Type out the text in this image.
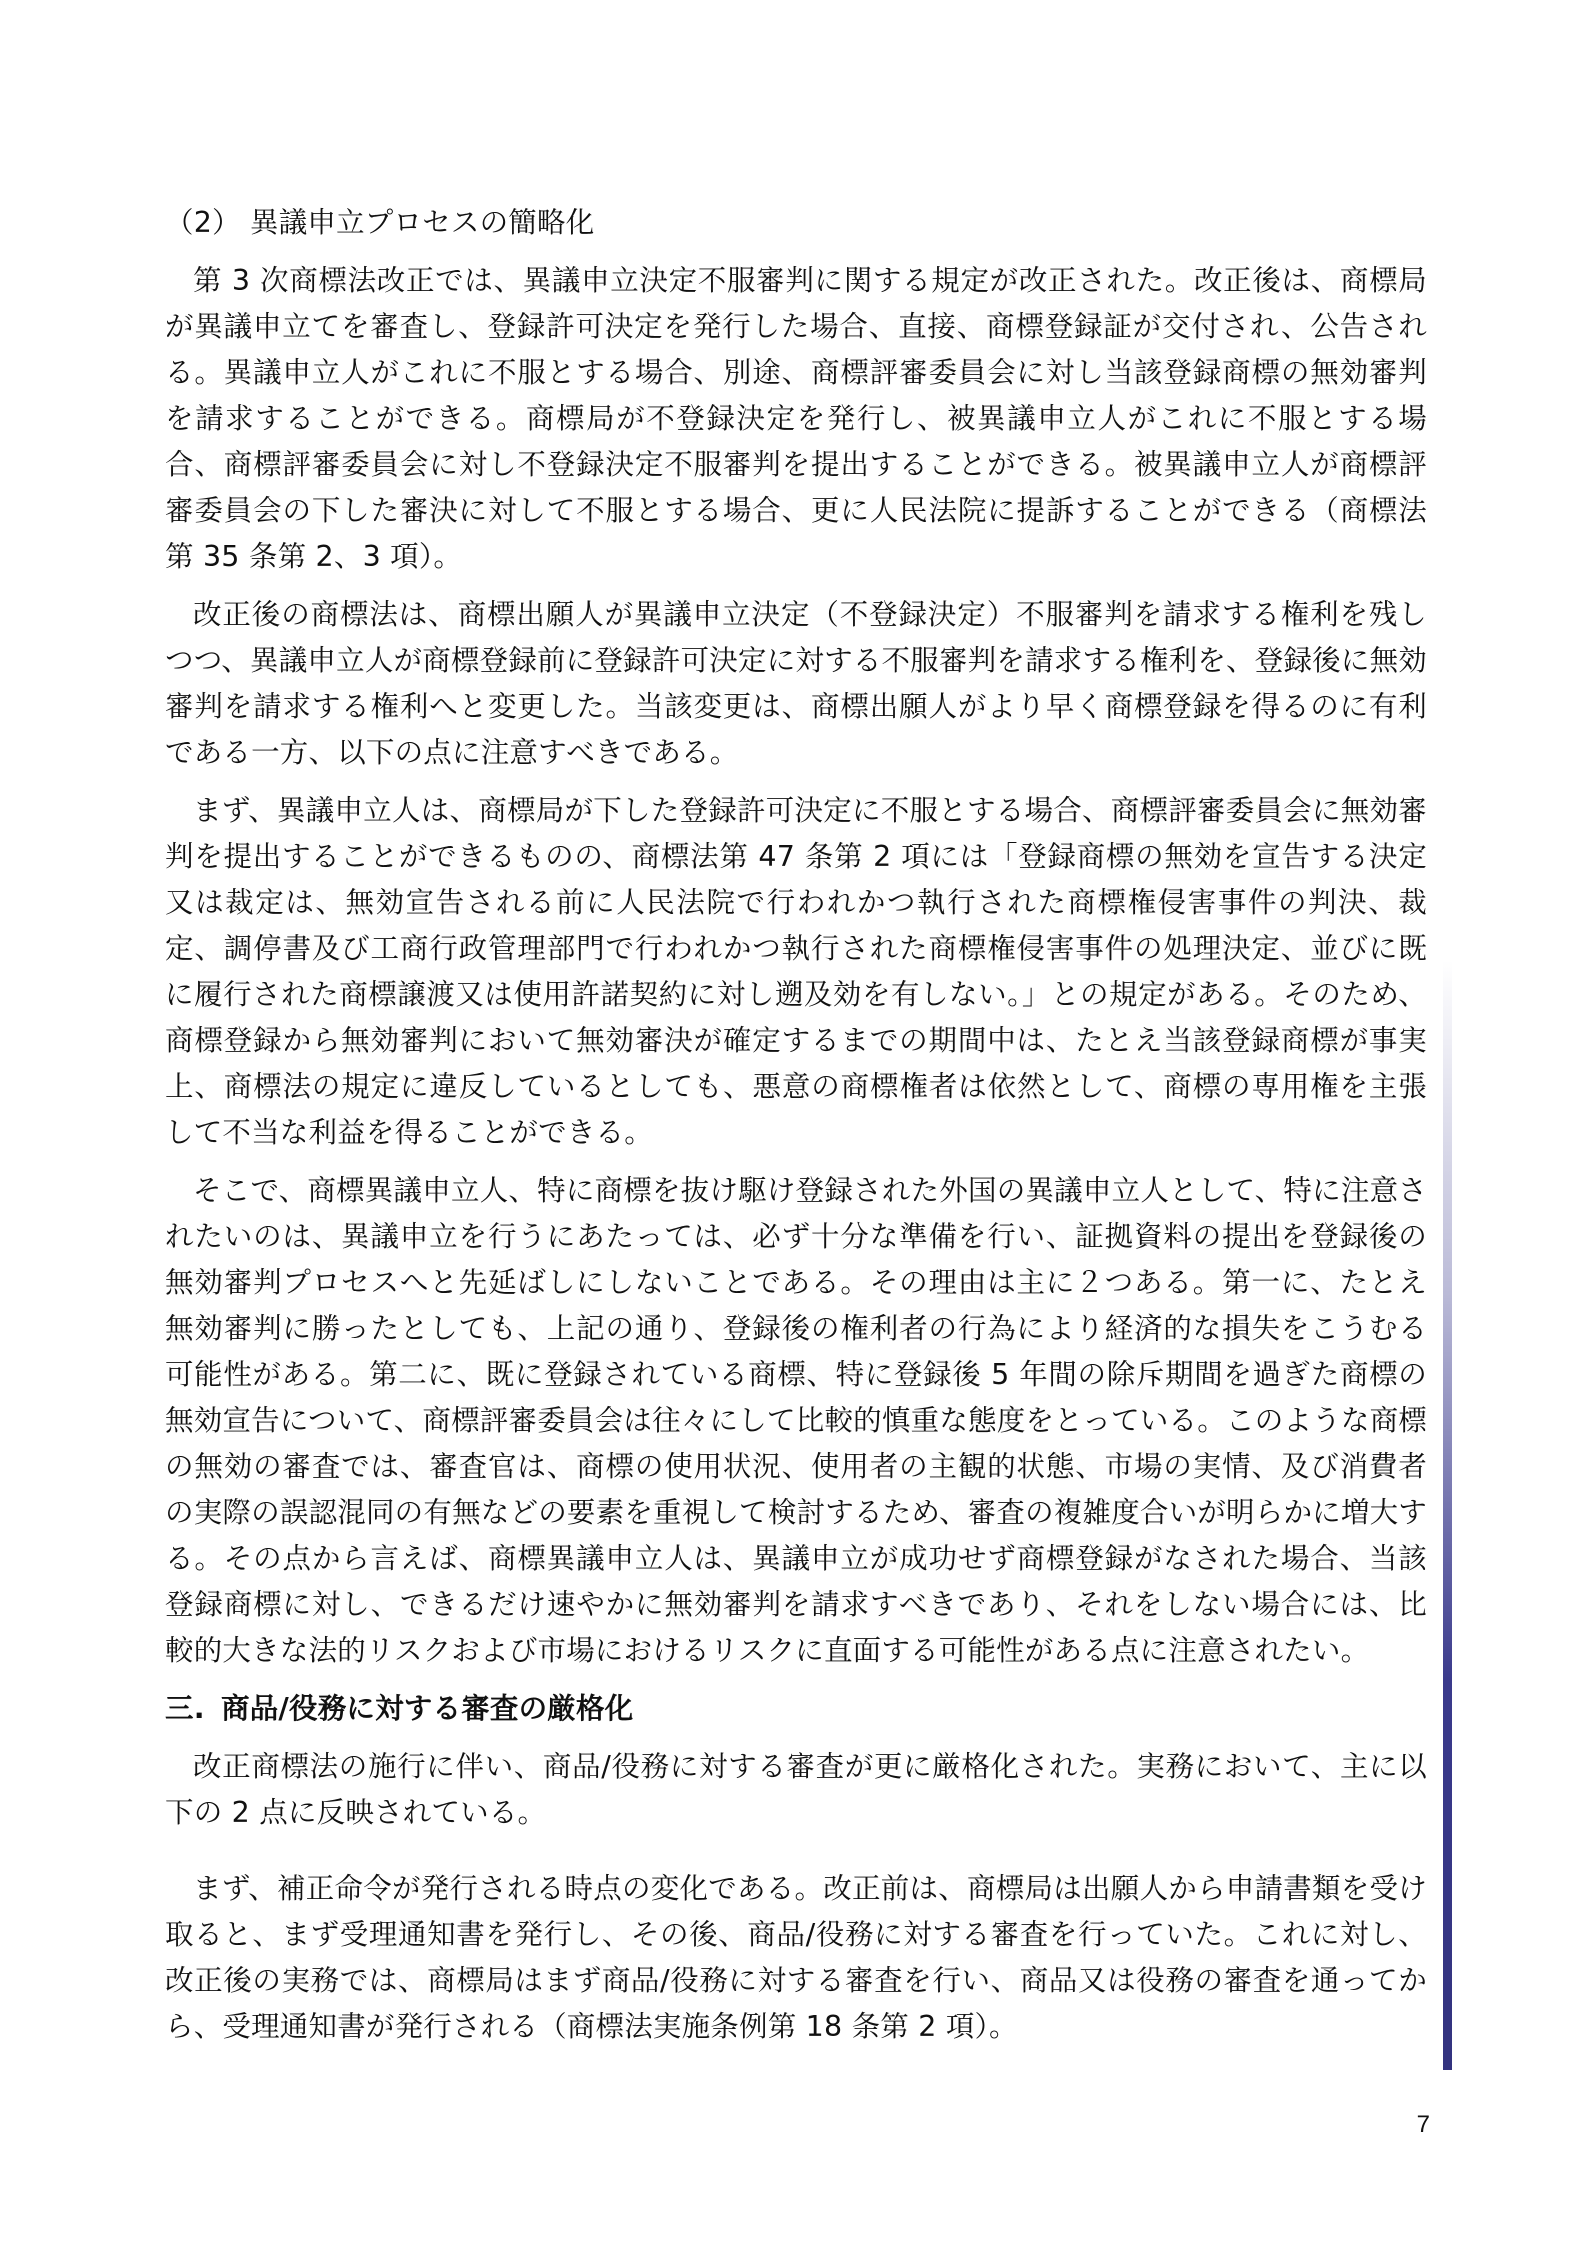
（2） 異議申立プロセスの簡略化

第 3 次商標法改正では、異議申立決定不服審判に関する規定が改正された。改正後は、商標局が異議申立てを審査し、登録許可決定を発行した場合、直接、商標登録証が交付され、公告される。異議申立人がこれに不服とする場合、別途、商標評審委員会に対し当該登録商標の無効審判を請求することができる。商標局が不登録決定を発行し、被異議申立人がこれに不服とする場合、商標評審委員会に対し不登録決定不服審判を提出することができる。被異議申立人が商標評審委員会の下した審決に対して不服とする場合、更に人民法院に提訴することができる（商標法第 35 条第 2、3 項）。

改正後の商標法は、商標出願人が異議申立決定（不登録決定）不服審判を請求する権利を残しつつ、異議申立人が商標登録前に登録許可決定に対する不服審判を請求する権利を、登録後に無効審判を請求する権利へと変更した。当該変更は、商標出願人がより早く商標登録を得るのに有利である一方、以下の点に注意すべきである。

まず、異議申立人は、商標局が下した登録許可決定に不服とする場合、商標評審委員会に無効審判を提出することができるものの、商標法第 47 条第 2 項には「登録商標の無効を宣告する決定又は裁定は、無効宣告される前に人民法院で行われかつ執行された商標権侵害事件の判決、裁定、調停書及び工商行政管理部門で行われかつ執行された商標権侵害事件の処理決定、並びに既に履行された商標譲渡又は使用許諾契約に対し遡及効を有しない。」との規定がある。そのため、商標登録から無効審判において無効審決が確定するまでの期間中は、たとえ当該登録商標が事実上、商標法の規定に違反しているとしても、悪意の商標権者は依然として、商標の専用権を主張して不当な利益を得ることができる。

そこで、商標異議申立人、特に商標を抜け駆け登録された外国の異議申立人として、特に注意されたいのは、異議申立を行うにあたっては、必ず十分な準備を行い、証拠資料の提出を登録後の無効審判プロセスへと先延ばしにしないことである。その理由は主に２つある。第一に、たとえ無効審判に勝ったとしても、上記の通り、登録後の権利者の行為により経済的な損失をこうむる可能性がある。第二に、既に登録されている商標、特に登録後 5 年間の除斥期間を過ぎた商標の無効宣告について、商標評審委員会は往々にして比較的慎重な態度をとっている。このような商標の無効の審査では、審査官は、商標の使用状況、使用者の主観的状態、市場の実情、及び消費者の実際の誤認混同の有無などの要素を重視して検討するため、審査の複雑度合いが明らかに増大する。その点から言えば、商標異議申立人は、異議申立が成功せず商標登録がなされた場合、当該登録商標に対し、できるだけ速やかに無効審判を請求すべきであり、それをしない場合には、比較的大きな法的リスクおよび市場におけるリスクに直面する可能性がある点に注意されたい。

三. 商品/役務に対する審査の厳格化

改正商標法の施行に伴い、商品/役務に対する審査が更に厳格化された。実務において、主に以下の 2 点に反映されている。

まず、補正命令が発行される時点の変化である。改正前は、商標局は出願人から申請書類を受け取ると、まず受理通知書を発行し、その後、商品/役務に対する審査を行っていた。これに対し、改正後の実務では、商標局はまず商品/役務に対する審査を行い、商品又は役務の審査を通ってから、受理通知書が発行される（商標法実施条例第 18 条第 2 項）。

7
